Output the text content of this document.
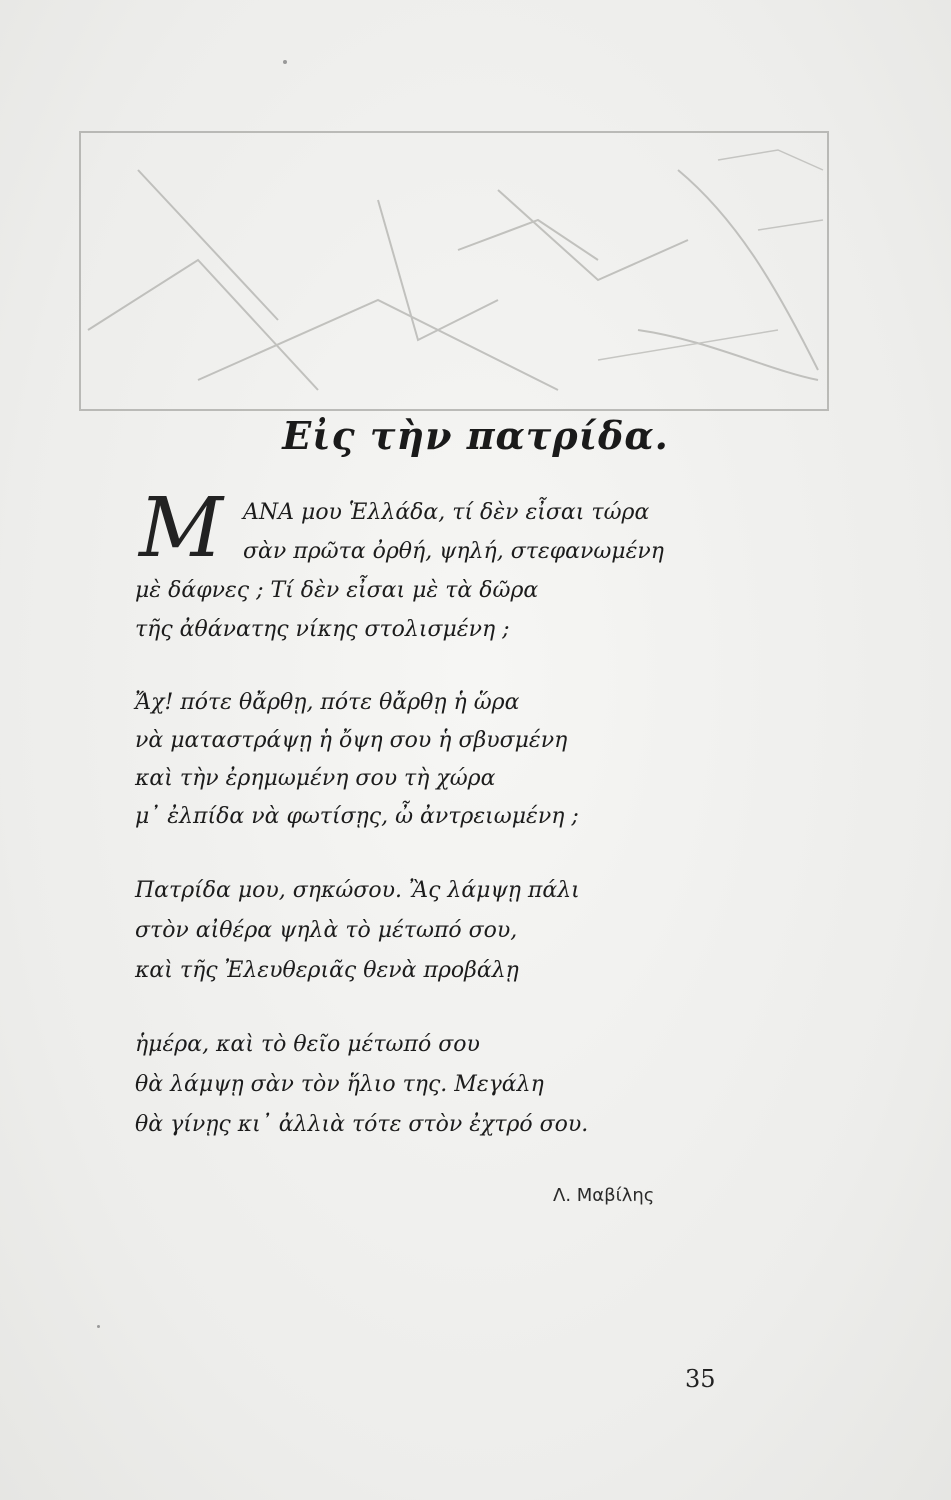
Εἰς τὴν πατρίδα.
Μ ΑΝΑ μου Ἑλλάδα, τί δὲν εἶσαι τώρα
σὰν πρῶτα ὀρθή, ψηλή, στεφανωμένη
μὲ δάφνες ; Τί δὲν εἶσαι μὲ τὰ δῶρα
τῆς ἀθάνατης νίκης στολισμένη ;
Ἄχ! πότε θἄρθῃ, πότε θἄρθῃ ἡ ὥρα
νὰ ματαστράψῃ ἡ ὄψη σου ἡ σβυσμένη
καὶ τὴν ἐρημωμένη σου τὴ χώρα
μ᾿ ἐλπίδα νὰ φωτίσῃς, ὦ ἀντρειωμένη ;
Πατρίδα μου, σηκώσου. Ἂς λάμψῃ πάλι
στὸν αἰθέρα ψηλὰ τὸ μέτωπό σου,
καὶ τῆς Ἐλευθεριᾶς θενὰ προβάλῃ
ἡμέρα, καὶ τὸ θεῖο μέτωπό σου
θὰ λάμψῃ σὰν τὸν ἥλιο της. Μεγάλη
θὰ γίνῃς κι᾿ ἀλλιὰ τότε στὸν ἐχτρό σου.
Λ. Μαβίλης
35
